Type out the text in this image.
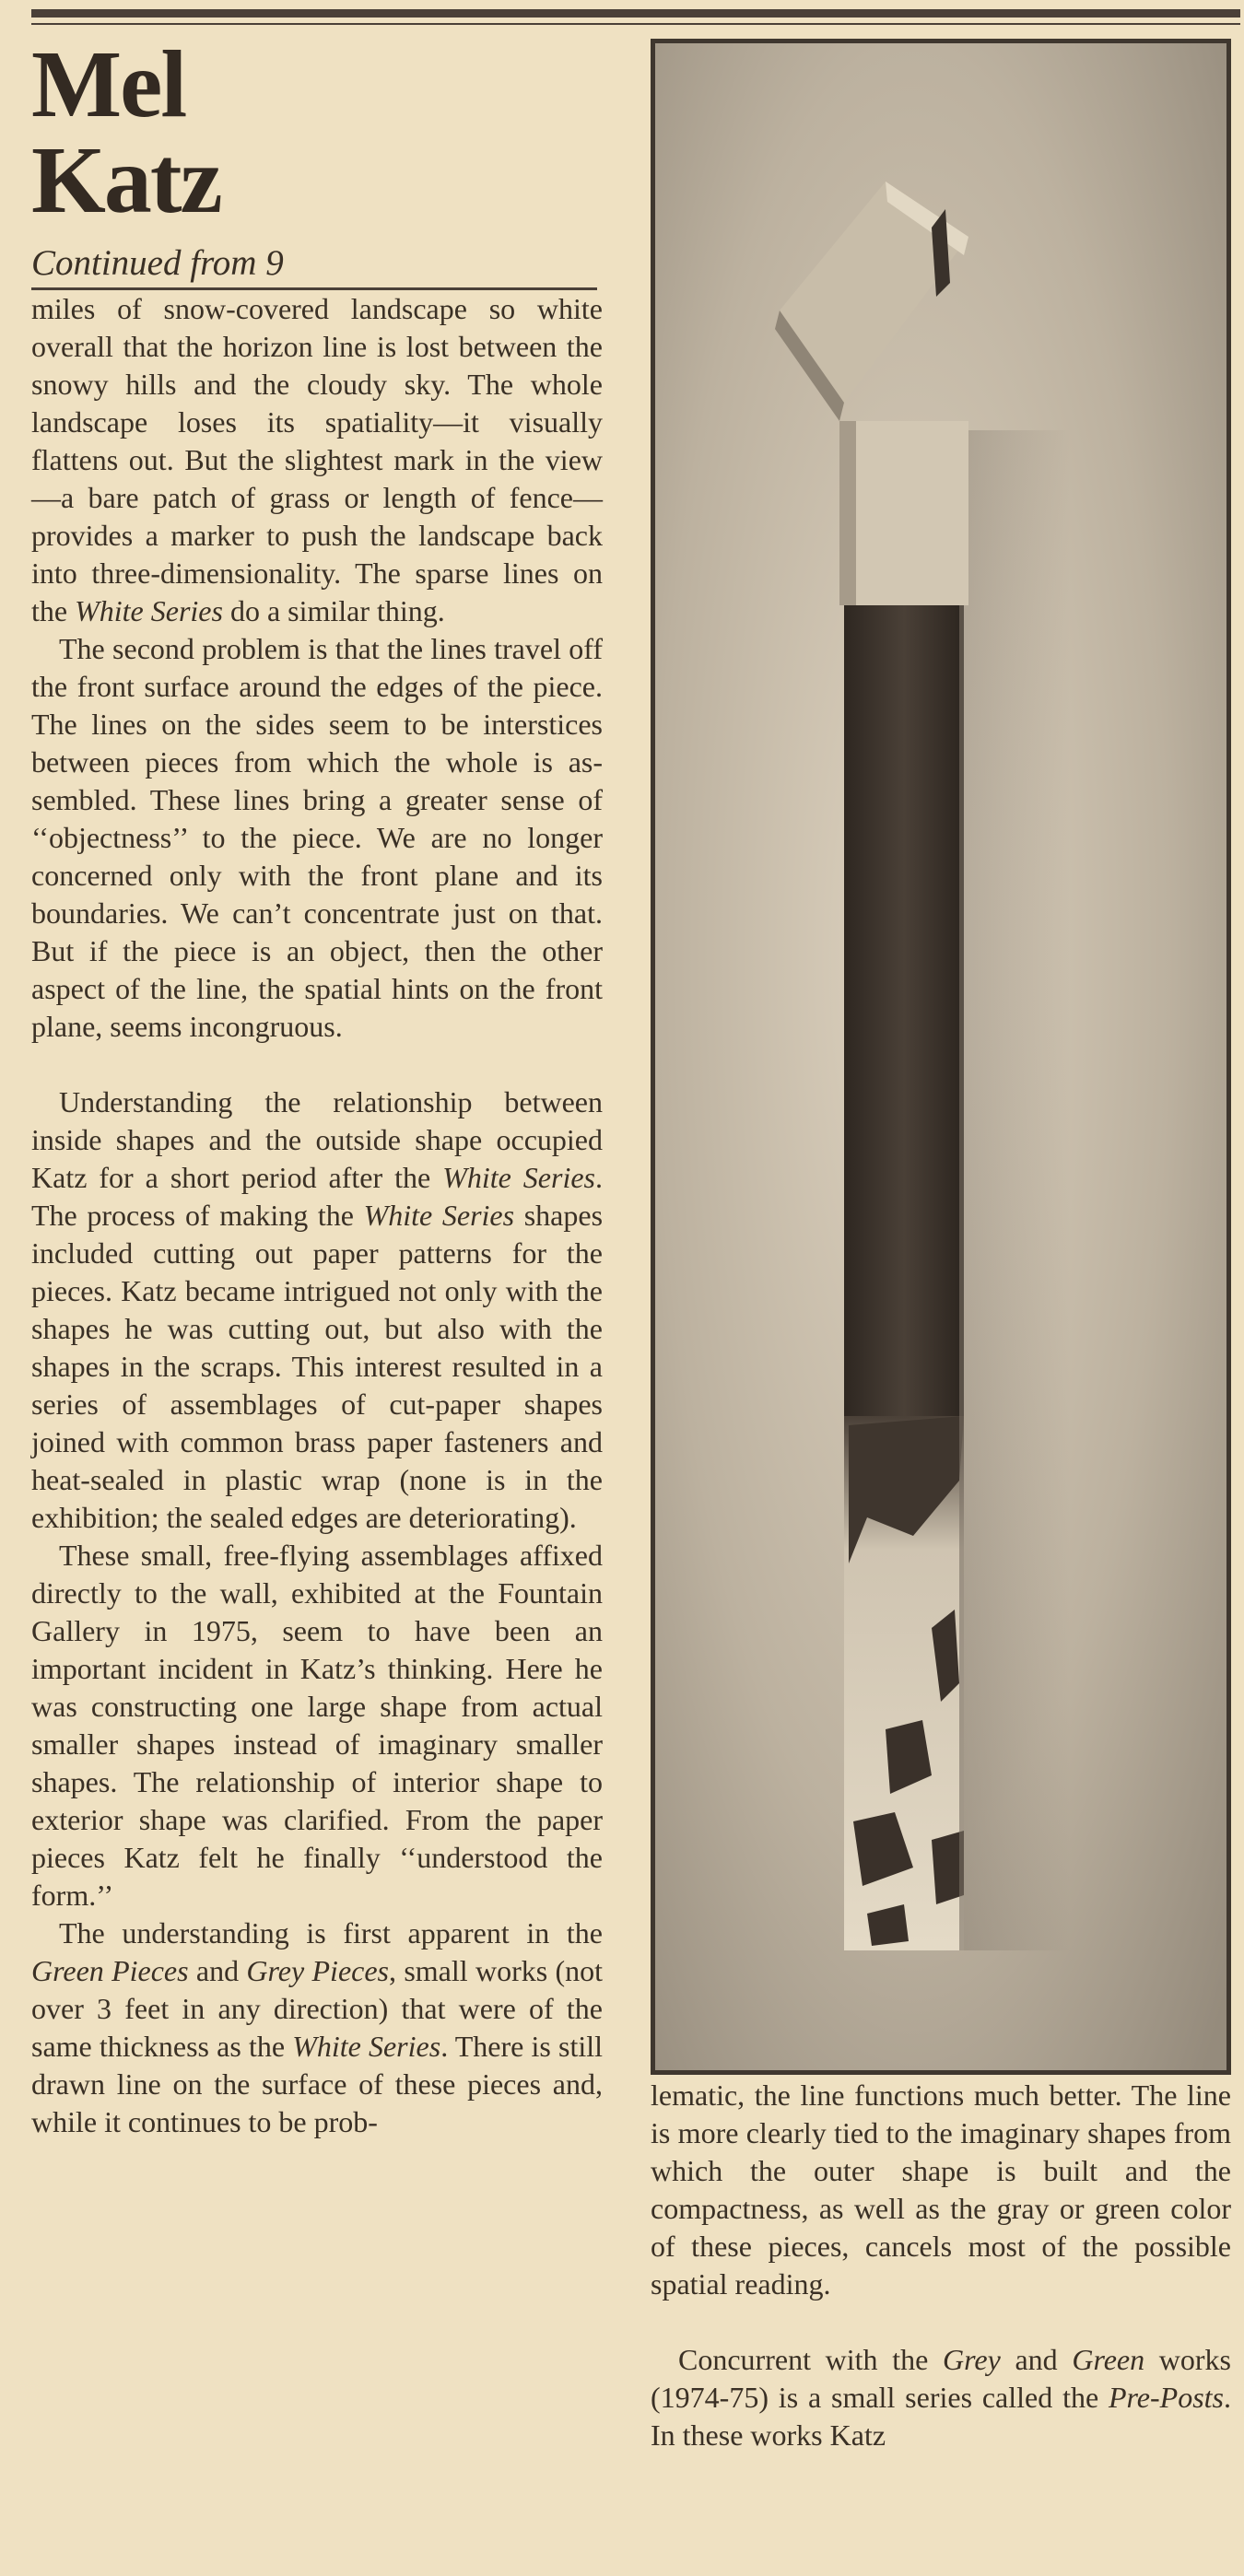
Mel
Katz
Continued from 9

miles of snow-covered landscape so white overall that the horizon line is lost between the snowy hills and the cloudy sky. The whole landscape loses its spatiality—it visually flattens out. But the slightest mark in the view—a bare patch of grass or length of fence—provides a marker to push the landscape back into three-dimensionality. The sparse lines on the White Series do a similar thing.

The second problem is that the lines travel off the front surface around the edges of the piece. The lines on the sides seem to be interstices between pieces from which the whole is assembled. These lines bring a greater sense of ‘‘objectness’’ to the piece. We are no longer concerned only with the front plane and its boundaries. We can’t concentrate just on that. But if the piece is an object, then the other aspect of the line, the spatial hints on the front plane, seems incongruous.

Understanding the relationship between inside shapes and the outside shape occupied Katz for a short period after the White Series. The process of making the White Series shapes included cutting out paper patterns for the pieces. Katz became intrigued not only with the shapes he was cutting out, but also with the shapes in the scraps. This interest resulted in a series of assemblages of cut-paper shapes joined with common brass paper fasteners and heat-sealed in plastic wrap (none is in the exhibition; the sealed edges are deteriorating).

These small, free-flying assemblages affixed directly to the wall, exhibited at the Fountain Gallery in 1975, seem to have been an important incident in Katz’s thinking. Here he was constructing one large shape from actual smaller shapes instead of imaginary smaller shapes. The relationship of interior shape to exterior shape was clarified. From the paper pieces Katz felt he finally ‘‘understood the form.’’

The understanding is first apparent in the Green Pieces and Grey Pieces, small works (not over 3 feet in any direction) that were of the same thickness as the White Series. There is still drawn line on the surface of these pieces and, while it continues to be prob-

lematic, the line functions much better. The line is more clearly tied to the imaginary shapes from which the outer shape is built and the compactness, as well as the gray or green color of these pieces, cancels most of the possible spatial reading.

Concurrent with the Grey and Green works (1974-75) is a small series called the Pre-Posts. In these works Katz
